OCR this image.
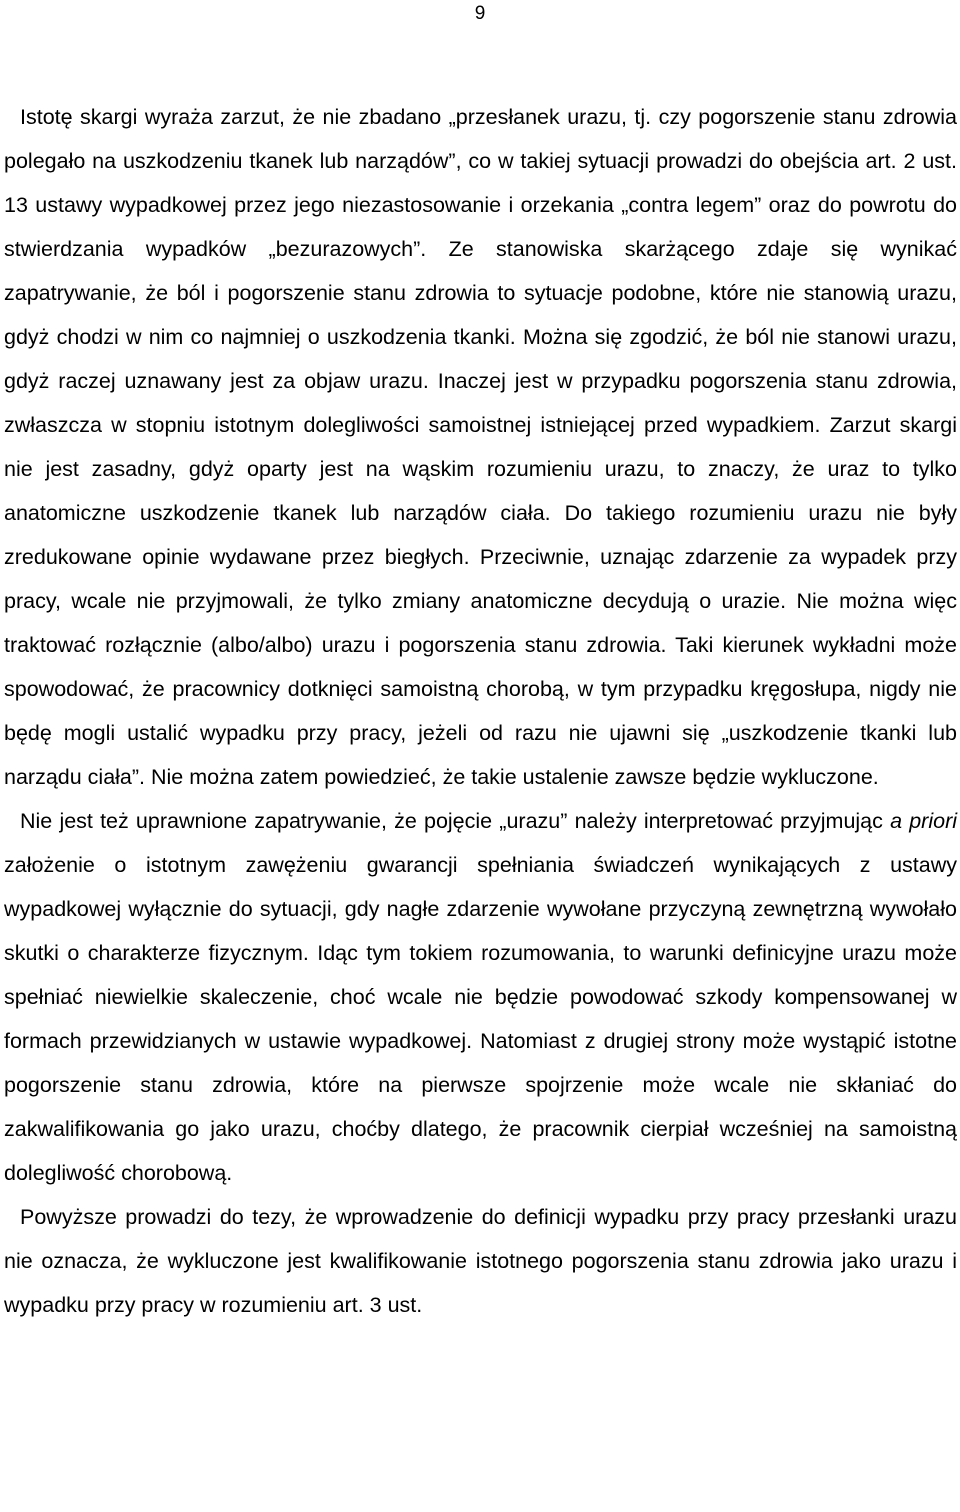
9

Istotę skargi wyraża zarzut, że nie zbadano „przesłanek urazu, tj. czy pogorszenie stanu zdrowia polegało na uszkodzeniu tkanek lub narządów”, co w takiej sytuacji prowadzi do obejścia art. 2 ust. 13 ustawy wypadkowej przez jego niezastosowanie i orzekania „contra legem” oraz do powrotu do stwierdzania wypadków „bezurazowych”. Ze stanowiska skarżącego zdaje się wynikać zapatrywanie, że ból i pogorszenie stanu zdrowia to sytuacje podobne, które nie stanowią urazu, gdyż chodzi w nim co najmniej o uszkodzenia tkanki. Można się zgodzić, że ból nie stanowi urazu, gdyż raczej uznawany jest za objaw urazu. Inaczej jest w przypadku pogorszenia stanu zdrowia, zwłaszcza w stopniu istotnym dolegliwości samoistnej istniejącej przed wypadkiem. Zarzut skargi nie jest zasadny, gdyż oparty jest na wąskim rozumieniu urazu, to znaczy, że uraz to tylko anatomiczne uszkodzenie tkanek lub narządów ciała. Do takiego rozumieniu urazu nie były zredukowane opinie wydawane przez biegłych. Przeciwnie, uznając zdarzenie za wypadek przy pracy, wcale nie przyjmowali, że tylko zmiany anatomiczne decydują o urazie. Nie można więc traktować rozłącznie (albo/albo) urazu i pogorszenia stanu zdrowia. Taki kierunek wykładni może spowodować, że pracownicy dotknięci samoistną chorobą, w tym przypadku kręgosłupa, nigdy nie będę mogli ustalić wypadku przy pracy, jeżeli od razu nie ujawni się „uszkodzenie tkanki lub narządu ciała”. Nie można zatem powiedzieć, że takie ustalenie zawsze będzie wykluczone.

Nie jest też uprawnione zapatrywanie, że pojęcie „urazu” należy interpretować przyjmując a priori założenie o istotnym zawężeniu gwarancji spełniania świadczeń wynikających z ustawy wypadkowej wyłącznie do sytuacji, gdy nagłe zdarzenie wywołane przyczyną zewnętrzną wywołało skutki o charakterze fizycznym. Idąc tym tokiem rozumowania, to warunki definicyjne urazu może spełniać niewielkie skaleczenie, choć wcale nie będzie powodować szkody kompensowanej w formach przewidzianych w ustawie wypadkowej. Natomiast z drugiej strony może wystąpić istotne pogorszenie stanu zdrowia, które na pierwsze spojrzenie może wcale nie skłaniać do zakwalifikowania go jako urazu, choćby dlatego, że pracownik cierpiał wcześniej na samoistną dolegliwość chorobową.

Powyższe prowadzi do tezy, że wprowadzenie do definicji wypadku przy pracy przesłanki urazu nie oznacza, że wykluczone jest kwalifikowanie istotnego pogorszenia stanu zdrowia jako urazu i wypadku przy pracy w rozumieniu art. 3 ust.
